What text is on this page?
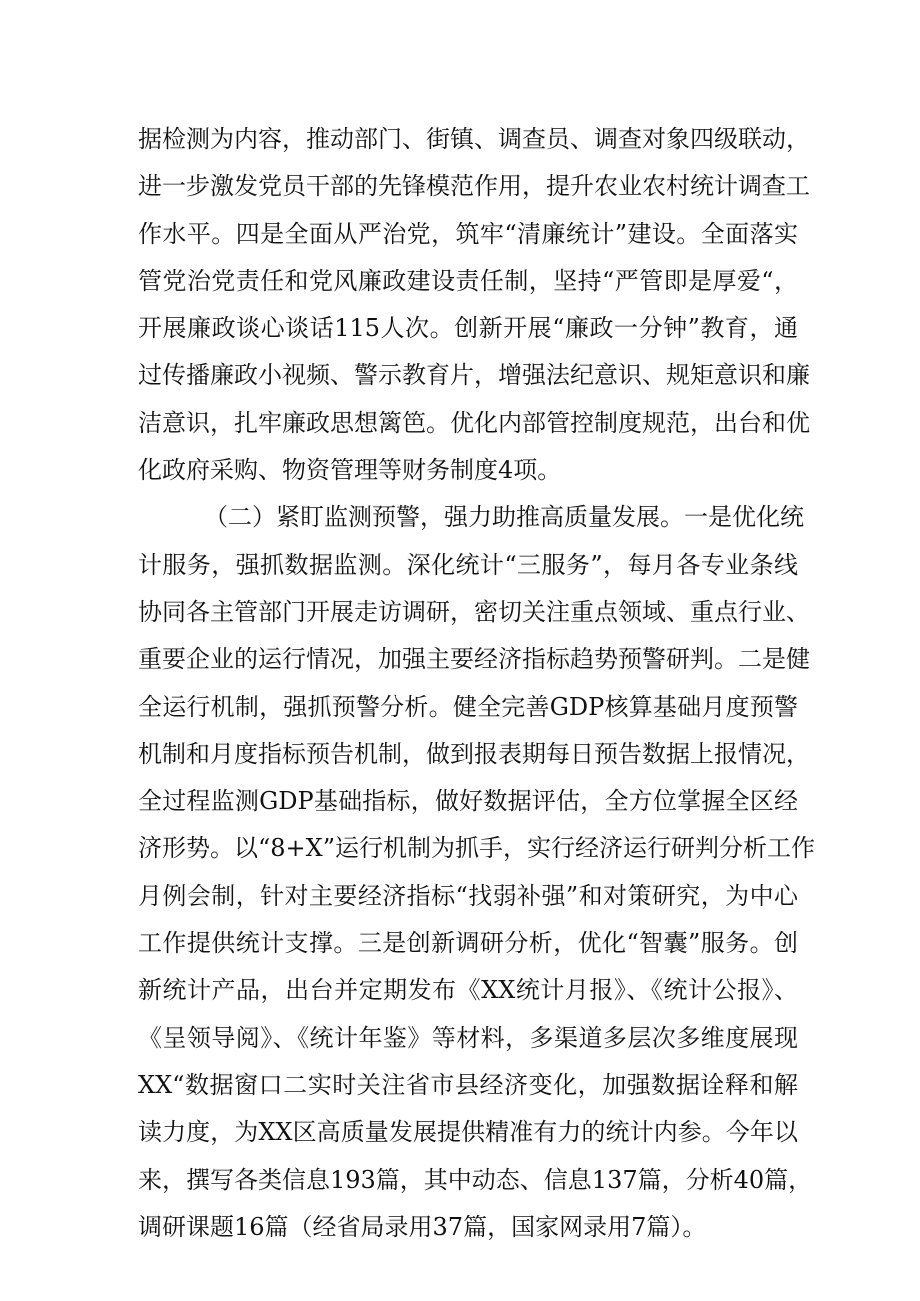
据检测为内容，推动部门、街镇、调查员、调查对象四级联动，
进一步激发党员干部的先锋模范作用，提升农业农村统计调查工
作水平。四是全面从严治党，筑牢“清廉统计”建设。全面落实
管党治党责任和党风廉政建设责任制，坚持“严管即是厚爱“，
开展廉政谈心谈话115人次。创新开展“廉政一分钟”教育，通
过传播廉政小视频、警示教育片，增强法纪意识、规矩意识和廉
洁意识，扎牢廉政思想篱笆。优化内部管控制度规范，出台和优
化政府采购、物资管理等财务制度4项。
（二）紧盯监测预警，强力助推高质量发展。一是优化统
计服务，强抓数据监测。深化统计“三服务”，每月各专业条线
协同各主管部门开展走访调研，密切关注重点领域、重点行业、
重要企业的运行情况，加强主要经济指标趋势预警研判。二是健
全运行机制，强抓预警分析。健全完善GDP核算基础月度预警
机制和月度指标预告机制，做到报表期每日预告数据上报情况，
全过程监测GDP基础指标，做好数据评估，全方位掌握全区经
济形势。以“8+X”运行机制为抓手，实行经济运行研判分析工作
月例会制，针对主要经济指标“找弱补强”和对策研究，为中心
工作提供统计支撑。三是创新调研分析，优化“智囊”服务。创
新统计产品，出台并定期发布《XX统计月报》、《统计公报》、
《呈领导阅》、《统计年鉴》等材料，多渠道多层次多维度展现
XX“数据窗口二实时关注省市县经济变化，加强数据诠释和解
读力度，为XX区高质量发展提供精准有力的统计内参。今年以
来，撰写各类信息193篇，其中动态、信息137篇，分析40篇，
调研课题16篇（经省局录用37篇，国家网录用7篇）。
